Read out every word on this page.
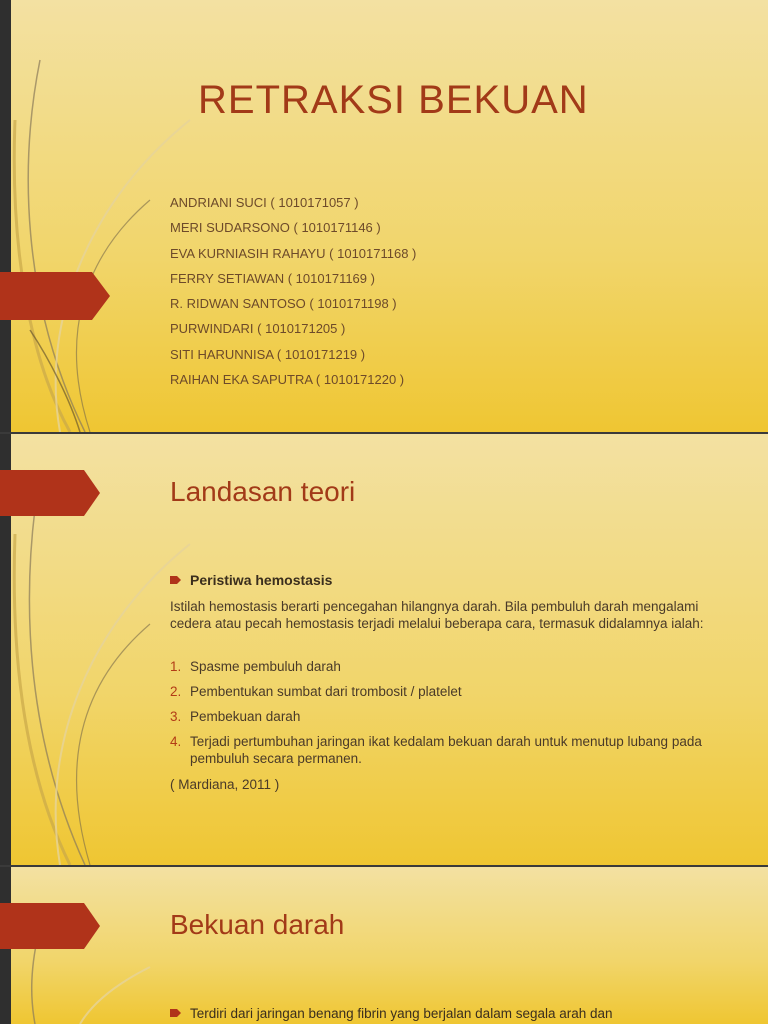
RETRAKSI BEKUAN
ANDRIANI SUCI ( 1010171057 )
MERI SUDARSONO ( 1010171146 )
EVA KURNIASIH RAHAYU ( 1010171168 )
FERRY SETIAWAN ( 1010171169 )
R. RIDWAN SANTOSO ( 1010171198 )
PURWINDARI ( 1010171205 )
SITI HARUNNISA ( 1010171219 )
RAIHAN EKA SAPUTRA ( 1010171220 )
Landasan teori
Peristiwa hemostasis
Istilah hemostasis berarti pencegahan hilangnya darah. Bila pembuluh darah mengalami cedera atau pecah hemostasis terjadi melalui beberapa cara, termasuk didalamnya ialah:
1. Spasme pembuluh darah
2. Pembentukan sumbat dari trombosit / platelet
3. Pembekuan darah
4. Terjadi pertumbuhan jaringan ikat kedalam bekuan darah untuk menutup lubang pada pembuluh secara permanen.
( Mardiana, 2011 )
Bekuan darah
Terdiri dari jaringan benang fibrin yang berjalan dalam segala arah dan
